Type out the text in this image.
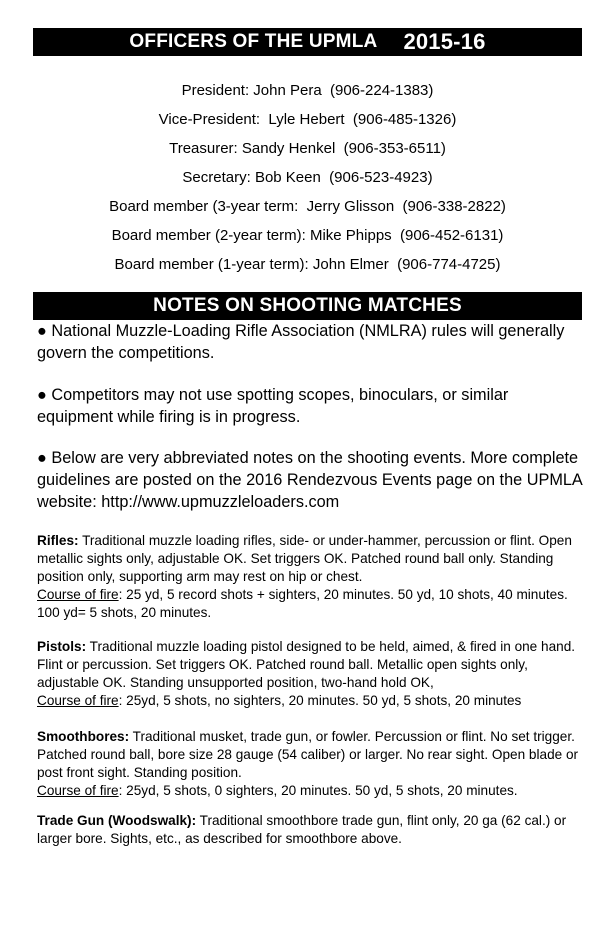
OFFICERS OF THE UPMLA 2015-16
President: John Pera  (906-224-1383)
Vice-President:  Lyle Hebert  (906-485-1326)
Treasurer: Sandy Henkel  (906-353-6511)
Secretary: Bob Keen  (906-523-4923)
Board member (3-year term:  Jerry Glisson  (906-338-2822)
Board member (2-year term): Mike Phipps  (906-452-6131)
Board member (1-year term): John Elmer  (906-774-4725)
NOTES ON SHOOTING MATCHES

● National Muzzle-Loading Rifle Association (NMLRA) rules will generally govern the competitions.

● Competitors may not use spotting scopes, binoculars, or similar equipment while firing is in progress.

● Below are very abbreviated notes on the shooting events. More complete guidelines are posted on the 2016 Rendezvous Events page on the UPMLA website: http://www.upmuzzleloaders.com

Rifles: Traditional muzzle loading rifles, side- or under-hammer, percussion or flint. Open metallic sights only, adjustable OK. Set triggers OK. Patched round ball only. Standing position only, supporting arm may rest on hip or chest.
Course of fire: 25 yd, 5 record shots + sighters, 20 minutes. 50 yd, 10 shots, 40 minutes. 100 yd= 5 shots, 20 minutes.
Pistols: Traditional muzzle loading pistol designed to be held, aimed, & fired in one hand. Flint or percussion. Set triggers OK. Patched round ball. Metallic open sights only, adjustable OK. Standing unsupported position, two-hand hold OK,
Course of fire: 25yd, 5 shots, no sighters, 20 minutes. 50 yd, 5 shots, 20 minutes
Smoothbores: Traditional musket, trade gun, or fowler. Percussion or flint. No set trigger. Patched round ball, bore size 28 gauge (54 caliber) or larger. No rear sight. Open blade or post front sight. Standing position.
Course of fire: 25yd, 5 shots, 0 sighters, 20 minutes. 50 yd, 5 shots, 20 minutes.
Trade Gun (Woodswalk): Traditional smoothbore trade gun, flint only, 20 ga (62 cal.) or larger bore. Sights, etc., as described for smoothbore above.
